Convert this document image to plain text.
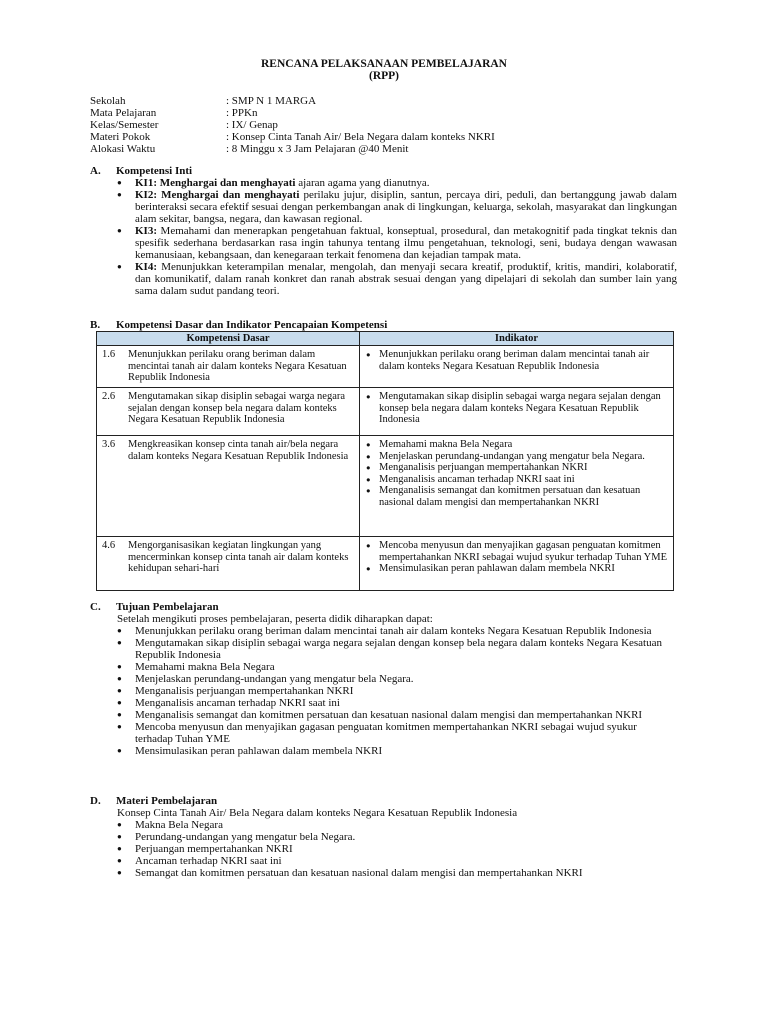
RENCANA PELAKSANAAN PEMBELAJARAN
(RPP)
Sekolah	: SMP N 1 MARGA
Mata Pelajaran	: PPKn
Kelas/Semester	: IX/ Genap
Materi Pokok	: Konsep Cinta Tanah Air/ Bela Negara dalam konteks NKRI
Alokasi Waktu	: 8 Minggu x 3 Jam Pelajaran @40 Menit
A. Kompetensi Inti
● KI1: Menghargai dan menghayati ajaran agama yang dianutnya.
● KI2: Menghargai dan menghayati perilaku jujur, disiplin, santun, percaya diri, peduli, dan bertanggung jawab dalam berinteraksi secara efektif sesuai dengan perkembangan anak di lingkungan, keluarga, sekolah, masyarakat dan lingkungan alam sekitar, bangsa, negara, dan kawasan regional.
● KI3: Memahami dan menerapkan pengetahuan faktual, konseptual, prosedural, dan metakognitif pada tingkat teknis dan spesifik sederhana berdasarkan rasa ingin tahunya tentang ilmu pengetahuan, teknologi, seni, budaya dengan wawasan kemanusiaan, kebangsaan, dan kenegaraan terkait fenomena dan kejadian tampak mata.
● KI4: Menunjukkan keterampilan menalar, mengolah, dan menyaji secara kreatif, produktif, kritis, mandiri, kolaboratif, dan komunikatif, dalam ranah konkret dan ranah abstrak sesuai dengan yang dipelajari di sekolah dan sumber lain yang sama dalam sudut pandang teori.
B. Kompetensi Dasar dan Indikator Pencapaian Kompetensi
Kompetensi Dasar	Indikator
1.6 Menunjukkan perilaku orang beriman dalam mencintai tanah air dalam konteks Negara Kesatuan Republik Indonesia	● Menunjukkan perilaku orang beriman dalam mencintai tanah air dalam konteks Negara Kesatuan Republik Indonesia

2.6 Mengutamakan sikap disiplin sebagai warga negara sejalan dengan konsep bela negara dalam konteks Negara Kesatuan Republik Indonesia	● Mengutamakan sikap disiplin sebagai warga negara sejalan dengan konsep bela negara dalam konteks Negara Kesatuan Republik Indonesia

3.6 Mengkreasikan konsep cinta tanah air/bela negara dalam konteks Negara Kesatuan Republik Indonesia	● Memahami makna Bela Negara
● Menjelaskan perundang-undangan yang mengatur bela Negara.
● Menganalisis perjuangan mempertahankan NKRI
● Menganalisis ancaman terhadap NKRI saat ini
● Menganalisis semangat dan komitmen persatuan dan kesatuan nasional dalam mengisi dan mempertahankan NKRI

4.6 Mengorganisasikan kegiatan lingkungan yang mencerminkan konsep cinta tanah air dalam konteks kehidupan sehari-hari	● Mencoba menyusun dan menyajikan gagasan penguatan komitmen mempertahankan NKRI sebagai wujud syukur terhadap Tuhan YME
● Mensimulasikan peran pahlawan dalam membela NKRI
C. Tujuan Pembelajaran
Setelah mengikuti proses pembelajaran, peserta didik diharapkan dapat:
● Menunjukkan perilaku orang beriman dalam mencintai tanah air dalam konteks Negara Kesatuan Republik Indonesia
● Mengutamakan sikap disiplin sebagai warga negara sejalan dengan konsep bela negara dalam konteks Negara Kesatuan Republik Indonesia
● Memahami makna Bela Negara
● Menjelaskan perundang-undangan yang mengatur bela Negara.
● Menganalisis perjuangan mempertahankan NKRI
● Menganalisis ancaman terhadap NKRI saat ini
● Menganalisis semangat dan komitmen persatuan dan kesatuan nasional dalam mengisi dan mempertahankan NKRI
● Mencoba menyusun dan menyajikan gagasan penguatan komitmen mempertahankan NKRI sebagai wujud syukur terhadap Tuhan YME
● Mensimulasikan peran pahlawan dalam membela NKRI
D. Materi Pembelajaran
Konsep Cinta Tanah Air/ Bela Negara dalam konteks Negara Kesatuan Republik Indonesia
● Makna Bela Negara
● Perundang-undangan yang mengatur bela Negara.
● Perjuangan mempertahankan NKRI
● Ancaman terhadap NKRI saat ini
● Semangat dan komitmen persatuan dan kesatuan nasional dalam mengisi dan mempertahankan NKRI
